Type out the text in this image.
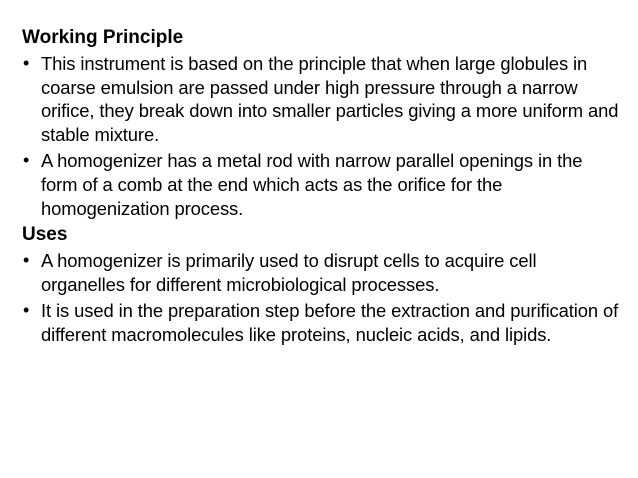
Working Principle
• This instrument is based on the principle that when large globules in coarse emulsion are passed under high pressure through a narrow orifice, they break down into smaller particles giving a more uniform and stable mixture.
• A homogenizer has a metal rod with narrow parallel openings in the form of a comb at the end which acts as the orifice for the homogenization process.
Uses
• A homogenizer is primarily used to disrupt cells to acquire cell organelles for different microbiological processes.
• It is used in the preparation step before the extraction and purification of different macromolecules like proteins, nucleic acids, and lipids.
